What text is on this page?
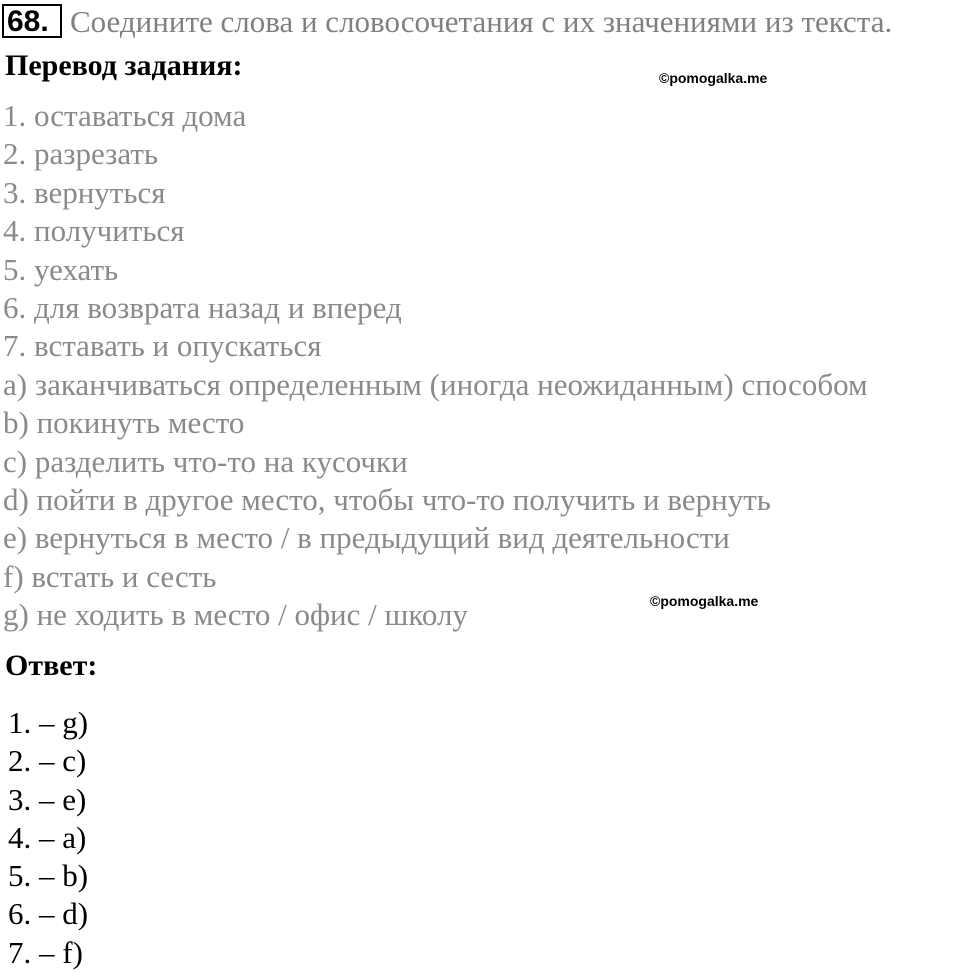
68. Соедините слова и словосочетания с их значениями из текста.
Перевод задания:	©pomogalka.me
1. оставаться дома
2. разрезать
3. вернуться
4. получиться
5. уехать
6. для возврата назад и вперед
7. вставать и опускаться
a) заканчиваться определенным (иногда неожиданным) способом
b) покинуть место
c) разделить что-то на кусочки
d) пойти в другое место, чтобы что-то получить и вернуть
e) вернуться в место / в предыдущий вид деятельности
f) встать и сесть
g) не ходить в место / офис / школу	©pomogalka.me
Ответ:
1. – g)
2. – c)
3. – e)
4. – a)
5. – b)
6. – d)
7. – f)
